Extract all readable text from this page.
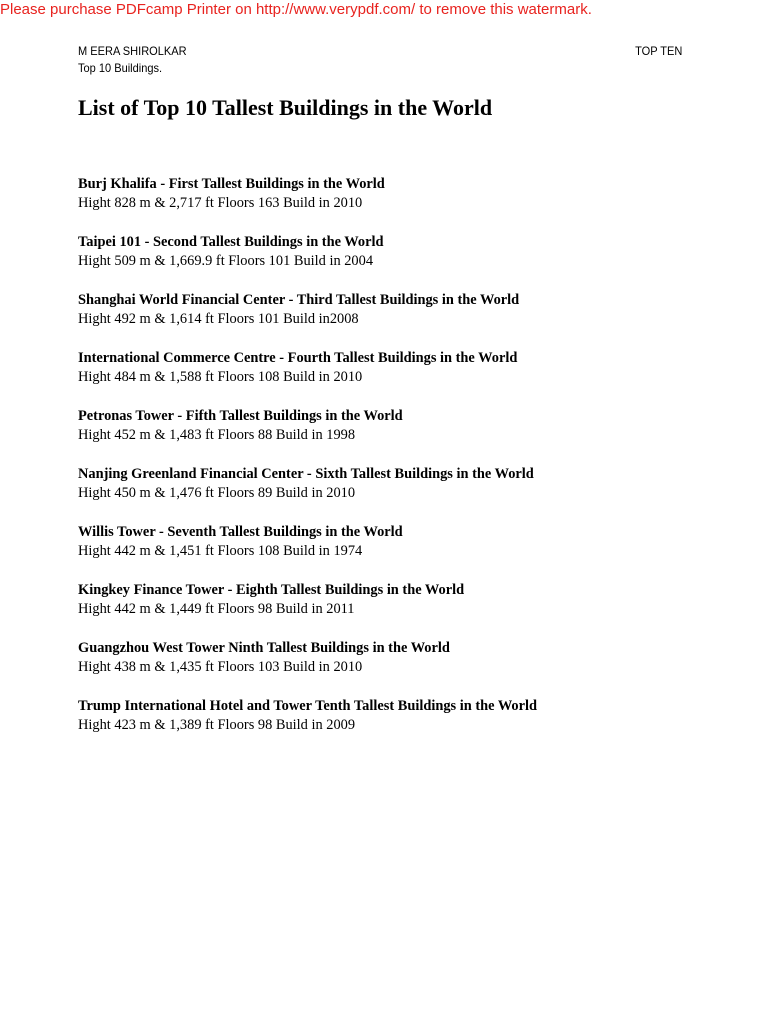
Please purchase PDFcamp Printer on http://www.verypdf.com/ to remove this watermark.
M EERA SHIROLKAR
Top 10 Buildings.
TOP TEN
List of Top 10 Tallest Buildings in the World
Burj Khalifa - First Tallest Buildings in the World
Hight 828 m & 2,717 ft Floors 163 Build in 2010
Taipei 101 - Second Tallest Buildings in the World
Hight 509 m & 1,669.9 ft Floors 101 Build in 2004
Shanghai World Financial Center - Third Tallest Buildings in the World
Hight 492 m & 1,614 ft Floors 101 Build in2008
International Commerce Centre - Fourth Tallest Buildings in the World
Hight 484 m & 1,588 ft Floors 108 Build in 2010
Petronas Tower - Fifth Tallest Buildings in the World
Hight 452 m & 1,483 ft Floors 88 Build in 1998
Nanjing Greenland Financial Center - Sixth Tallest Buildings in the World
Hight 450 m & 1,476 ft Floors 89 Build in 2010
Willis Tower - Seventh Tallest Buildings in the World
Hight 442 m & 1,451 ft Floors 108 Build in 1974
Kingkey Finance Tower - Eighth Tallest Buildings in the World
Hight 442 m & 1,449 ft Floors 98 Build in 2011
Guangzhou West Tower Ninth Tallest Buildings in the World
Hight 438 m & 1,435 ft Floors 103 Build in 2010
Trump International Hotel and Tower Tenth Tallest Buildings in the World
Hight 423 m & 1,389 ft Floors 98 Build in 2009
